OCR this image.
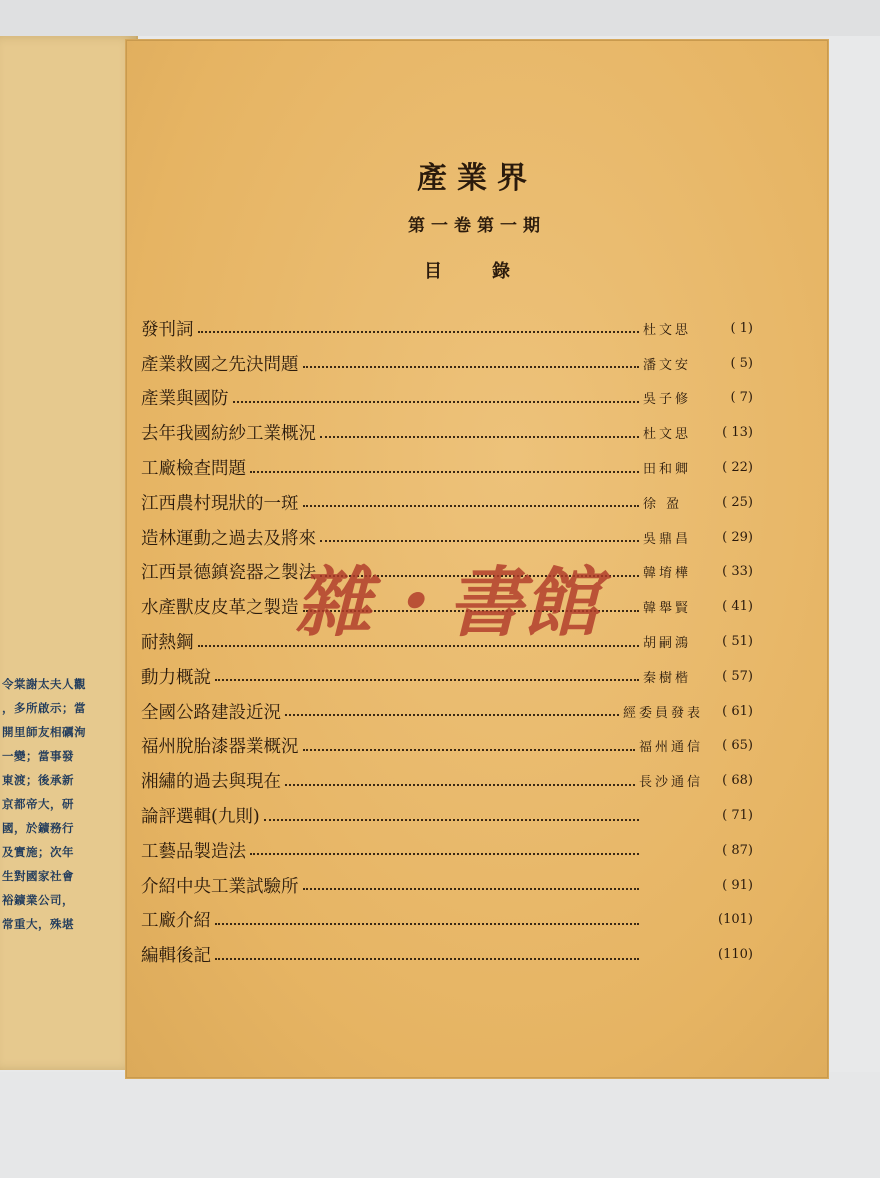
令棠謝太夫人觀
，多所啟示；當
開里師友相礪洵
一變；當事發
東渡；後承新
京都帝大，研
國，於鑛務行
及實施；次年
生對國家社會
裕鑛業公司，
常重大，殊堪
產業界
第一卷第一期
目錄
發刊詞	杜文思	( 1)
產業救國之先決問題	潘文安	( 5)
產業與國防	吳子修	( 7)
去年我國紡紗工業概況	杜文思	( 13)
工廠檢查問題	田和卿	( 22)
江西農村現狀的一斑	徐 盈	( 25)
造林運動之過去及將來	吳鼎昌	( 29)
江西景德鎮瓷器之製法	韓堉樺	( 33)
水產獸皮皮革之製造	韓舉賢	( 41)
耐熱鋼	胡嗣鴻	( 51)
動力概說	秦樹楷	( 57)
全國公路建設近況	經委員發表	( 61)
福州脫胎漆器業概況	福州通信	( 65)
湘繡的過去與現在	長沙通信	( 68)
論評選輯(九則)	( 71)
工藝品製造法	( 87)
介紹中央工業試驗所	( 91)
工廠介紹	(101)
編輯後記	(110)
雜・書館
